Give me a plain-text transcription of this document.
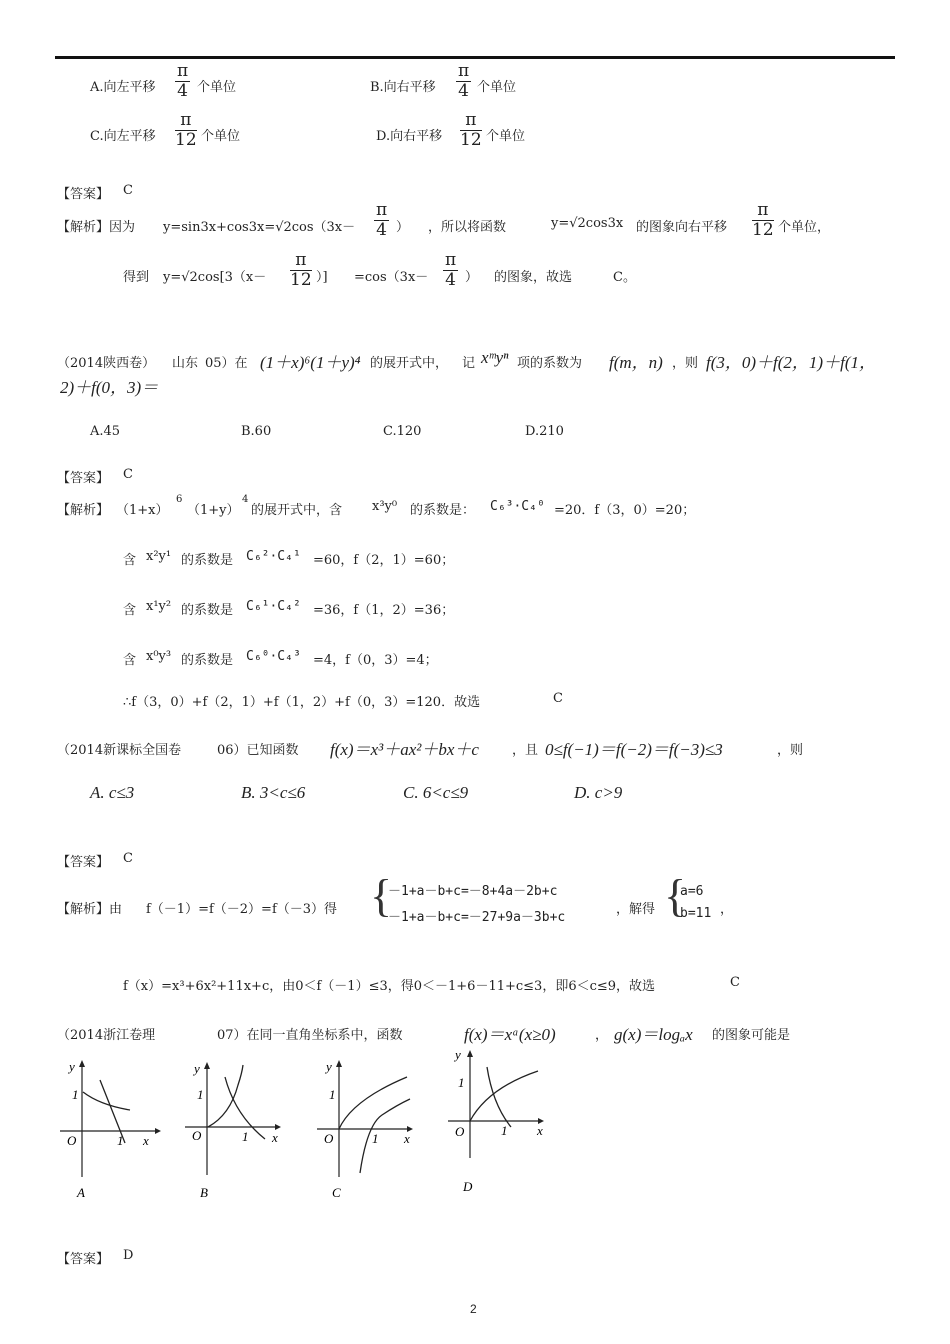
A.向左平移 $\frac{\pi}{4}$ 个单位	B.向右平移 $\frac{\pi}{4}$ 个单位
C.向左平移 $\frac{\pi}{12}$ 个单位	D.向右平移 $\frac{\pi}{12}$ 个单位
【答案】 C
【解析】因为 $y=\sin 3x+\cos 3x=√2\cos(3x- \frac{\pi}{4}$ ） ，所以将函数	y=√2cos3x 的图象向右平移 $\frac{\pi}{12}$ 个单位，
得到 $y=√2\cos[3(x- \frac{\pi}{12}$ ）] $=\cos(3x- \frac{\pi}{4}$ ） 的图象，故选	C。
（2014陕西卷） 山东 05）在 (1＋x)⁶(1＋y)⁴ 的展开式中， 记 xᵐyⁿ 项的系数为 f(m，n) ，则 f(3，0)＋f(2，1)＋f(1，
2)＋f(0，3)＝
A.45	B.60	C.120	D.210
【答案】 C
【解析】 （1+x）
6
（1+y）
4
的展开式中，含 x³y⁰ 的系数是： C₆³·C₄⁰ =20．f（3，0）=20；
含 x²y¹ 的系数是 C₆²·C₄¹ =60，f（2，1）=60；
含 x¹y² 的系数是 C₆¹·C₄² =36，f（1，2）=36；
含 x⁰y³ 的系数是 C₆⁰·C₄³ =4，f（0，3）=4；
∴f（3，0）+f（2，1）+f（1，2）+f（0，3）=120．故选	C
（2014新课标全国卷	06）已知函数 f(x)＝x³＋ax²＋bx＋c	，且 0≤f(−1)＝f(−2)＝f(−3)≤3	，则
A. c≤3	B. 3<c≤6	C. 6<c≤9	D. c>9
【答案】 C
【解析】由 f（－1）=f（－2）=f（－3）得 {
－1+a－b+c=－8+4a－2b+c
－1+a－b+c=－27+9a－3b+c
，解得 {
a=6
b=11 ，
f（x）=x³+6x²+11x+c，由0＜f（－1）≤3，得0＜－1+6－11+c≤3，即6＜c≤9，故选	C
（2014浙江卷理	07）在同一直角坐标系中，函数	f(x)＝xᵃ(x≥0)	， g(x)＝logₐx 的图象可能是
y
x
O
1
1
A
y
x
O
1
1
B
y
x
O
1
1
C
y
x
O
1
1
D
【答案】 D
2
